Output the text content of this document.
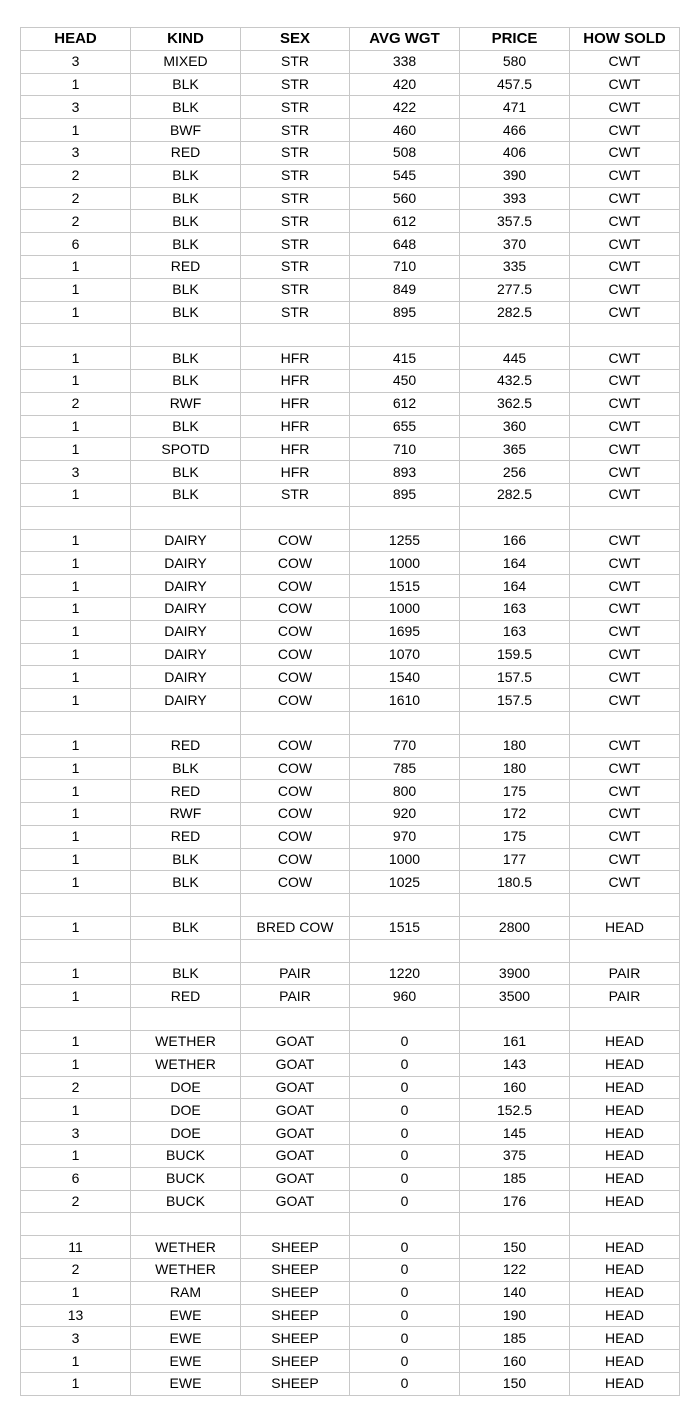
HEAD	KIND	SEX	AVG WGT	PRICE	HOW SOLD
3	MIXED	STR	338	580	CWT
1	BLK	STR	420	457.5	CWT
3	BLK	STR	422	471	CWT
1	BWF	STR	460	466	CWT
3	RED	STR	508	406	CWT
2	BLK	STR	545	390	CWT
2	BLK	STR	560	393	CWT
2	BLK	STR	612	357.5	CWT
6	BLK	STR	648	370	CWT
1	RED	STR	710	335	CWT
1	BLK	STR	849	277.5	CWT
1	BLK	STR	895	282.5	CWT

1	BLK	HFR	415	445	CWT
1	BLK	HFR	450	432.5	CWT
2	RWF	HFR	612	362.5	CWT
1	BLK	HFR	655	360	CWT
1	SPOTD	HFR	710	365	CWT
3	BLK	HFR	893	256	CWT
1	BLK	STR	895	282.5	CWT

1	DAIRY	COW	1255	166	CWT
1	DAIRY	COW	1000	164	CWT
1	DAIRY	COW	1515	164	CWT
1	DAIRY	COW	1000	163	CWT
1	DAIRY	COW	1695	163	CWT
1	DAIRY	COW	1070	159.5	CWT
1	DAIRY	COW	1540	157.5	CWT
1	DAIRY	COW	1610	157.5	CWT

1	RED	COW	770	180	CWT
1	BLK	COW	785	180	CWT
1	RED	COW	800	175	CWT
1	RWF	COW	920	172	CWT
1	RED	COW	970	175	CWT
1	BLK	COW	1000	177	CWT
1	BLK	COW	1025	180.5	CWT

1	BLK	BRED COW	1515	2800	HEAD

1	BLK	PAIR	1220	3900	PAIR
1	RED	PAIR	960	3500	PAIR

1	WETHER	GOAT	0	161	HEAD
1	WETHER	GOAT	0	143	HEAD
2	DOE	GOAT	0	160	HEAD
1	DOE	GOAT	0	152.5	HEAD
3	DOE	GOAT	0	145	HEAD
1	BUCK	GOAT	0	375	HEAD
6	BUCK	GOAT	0	185	HEAD
2	BUCK	GOAT	0	176	HEAD

11	WETHER	SHEEP	0	150	HEAD
2	WETHER	SHEEP	0	122	HEAD
1	RAM	SHEEP	0	140	HEAD
13	EWE	SHEEP	0	190	HEAD
3	EWE	SHEEP	0	185	HEAD
1	EWE	SHEEP	0	160	HEAD
1	EWE	SHEEP	0	150	HEAD
